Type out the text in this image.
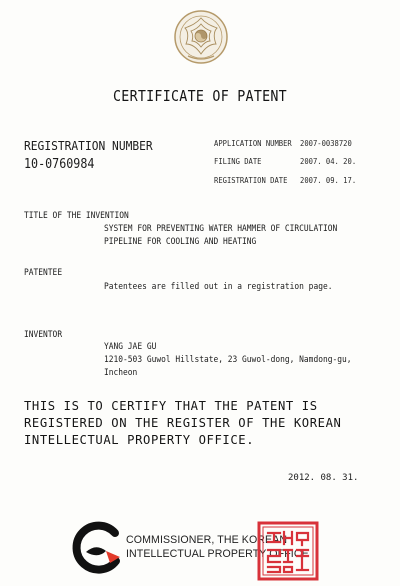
CERTIFICATE OF PATENT
REGISTRATION NUMBER
10-0760984
APPLICATION NUMBER 2007-0038720
FILING DATE	2007. 04. 20.
REGISTRATION DATE 2007. 09. 17.
TITLE OF THE INVENTION
SYSTEM FOR PREVENTING WATER HAMMER OF CIRCULATION
PIPELINE FOR COOLING AND HEATING
PATENTEE
Patentees are filled out in a registration page.
INVENTOR
YANG JAE GU
1210-503 Guwol Hillstate, 23 Guwol-dong, Namdong-gu,
Incheon
THIS IS TO CERTIFY THAT THE PATENT IS
REGISTERED ON THE REGISTER OF THE KOREAN
INTELLECTUAL PROPERTY OFFICE.
2012. 08. 31.
COMMISSIONER, THE KOREAN
INTELLECTUAL PROPERTY OFFICE
